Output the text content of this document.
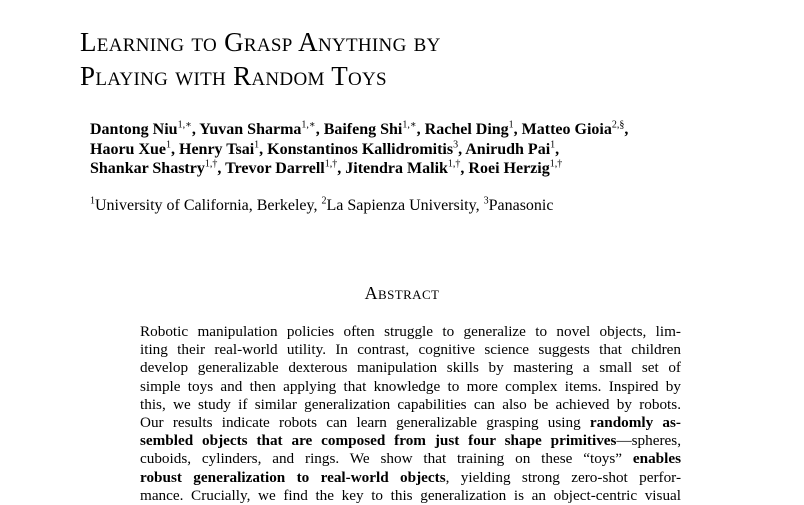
Learning to Grasp Anything by
Playing with Random Toys
Dantong Niu$^{1,∗}$, Yuvan Sharma$^{1,∗}$, Baifeng Shi$^{1,∗}$, Rachel Ding$^1$, Matteo Gioia$^{2,\S}$,
Haoru Xue$^1$, Henry Tsai$^1$, Konstantinos Kallidromitis$^3$, Anirudh Pai$^1$,
Shankar Shastry$^{1,\dagger}$, Trevor Darrell$^{1,\dagger}$, Jitendra Malik$^{1,\dagger}$, Roei Herzig$^{1,\dagger}$
$^1$University of California, Berkeley, $^2$La Sapienza University, $^3$Panasonic
Abstract
Robotic manipulation policies often struggle to generalize to novel objects, lim-
iting their real-world utility. In contrast, cognitive science suggests that children
develop generalizable dexterous manipulation skills by mastering a small set of
simple toys and then applying that knowledge to more complex items. Inspired by
this, we study if similar generalization capabilities can also be achieved by robots.
Our results indicate robots can learn generalizable grasping using randomly as-
sembled objects that are composed from just four shape primitives—spheres,
cuboids, cylinders, and rings. We show that training on these “toys” enables
robust generalization to real-world objects, yielding strong zero-shot perfor-
mance. Crucially, we find the key to this generalization is an object-centric visual
